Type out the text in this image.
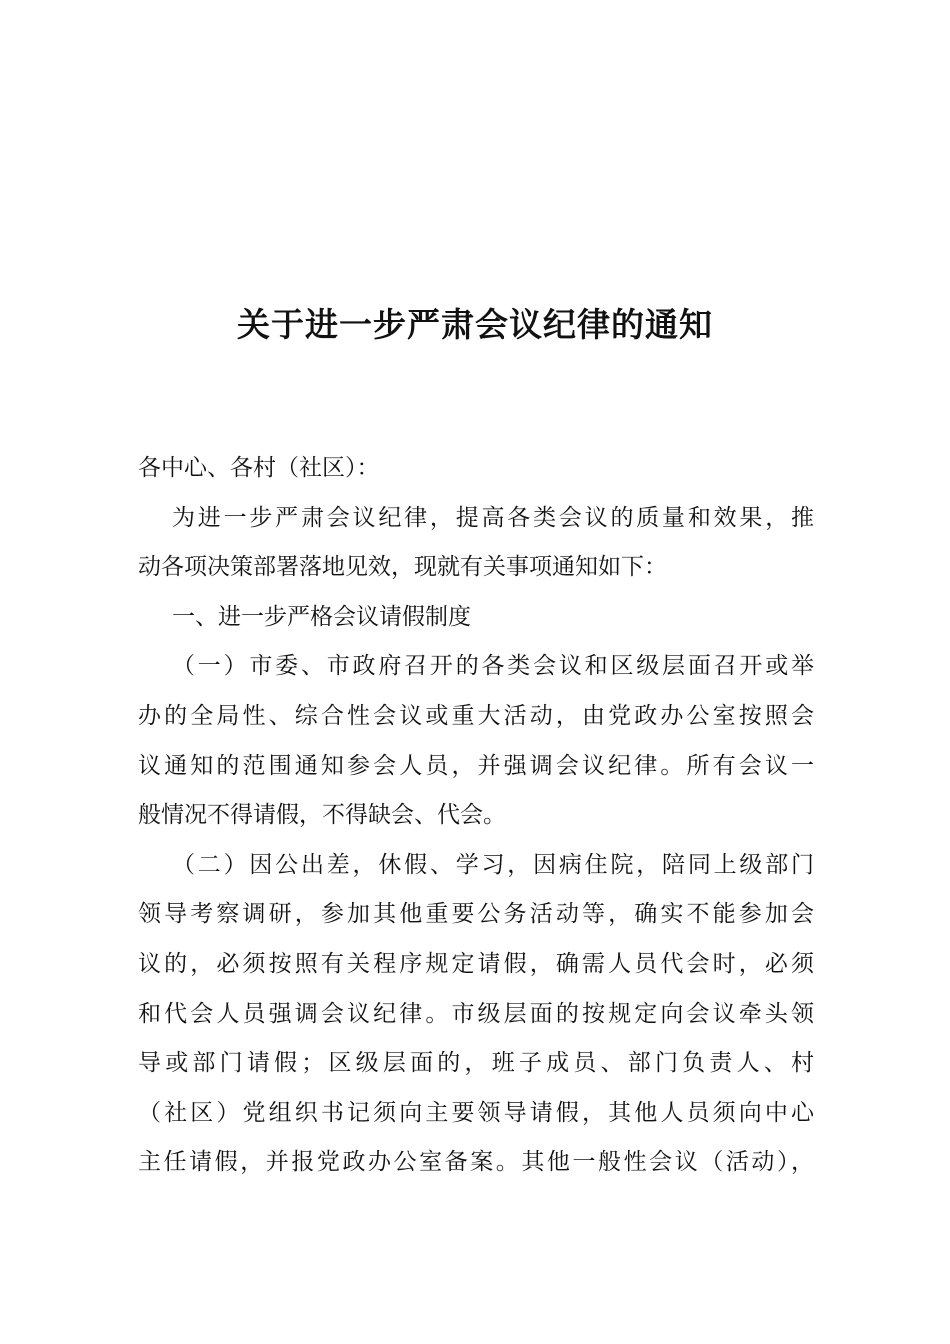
关于进一步严肃会议纪律的通知
各中心、各村（社区）：
为进一步严肃会议纪律，提高各类会议的质量和效果，推
动各项决策部署落地见效，现就有关事项通知如下：
一、进一步严格会议请假制度
（一）市委、市政府召开的各类会议和区级层面召开或举
办的全局性、综合性会议或重大活动，由党政办公室按照会
议通知的范围通知参会人员，并强调会议纪律。所有会议一
般情况不得请假，不得缺会、代会。
（二）因公出差，休假、学习，因病住院，陪同上级部门
领导考察调研，参加其他重要公务活动等，确实不能参加会
议的，必须按照有关程序规定请假，确需人员代会时，必须
和代会人员强调会议纪律。市级层面的按规定向会议牵头领
导或部门请假；区级层面的，班子成员、部门负责人、村
（社区）党组织书记须向主要领导请假，其他人员须向中心
主任请假，并报党政办公室备案。其他一般性会议（活动），
